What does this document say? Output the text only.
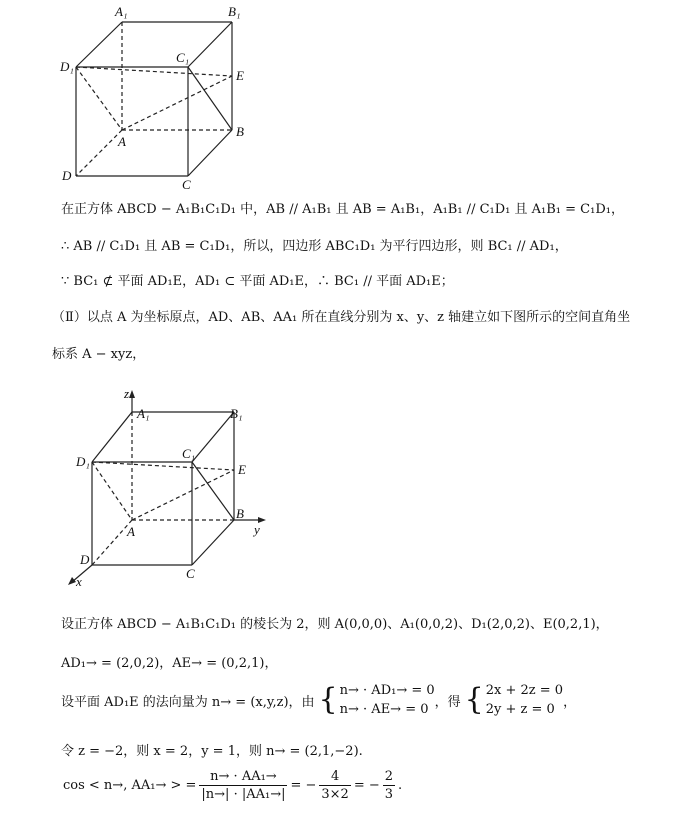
A₁	B₁
C₁
D₁
E
A
B
C
D
在正方体 ABCD − A₁B₁C₁D₁ 中，AB // A₁B₁ 且 AB = A₁B₁，A₁B₁ // C₁D₁ 且 A₁B₁ = C₁D₁，
∴ AB // C₁D₁ 且 AB = C₁D₁，所以，四边形 ABC₁D₁ 为平行四边形，则 BC₁ // AD₁，
∵ BC₁ ⊄ 平面 AD₁E，AD₁ ⊂ 平面 AD₁E，∴ BC₁ // 平面 AD₁E；
（Ⅱ）以点 A 为坐标原点，AD、AB、AA₁ 所在直线分别为 x、y、z 轴建立如下图所示的空间直角坐
标系 A − xyz，
z
A₁	B₁
C₁
D₁
E
A
B
y
C
D
x
设正方体 ABCD − A₁B₁C₁D₁ 的棱长为 2，则 A(0,0,0)、A₁(0,0,2)、D₁(2,0,2)、E(0,2,1)，
AD₁→ = (2,0,2)，AE→ = (0,2,1)，
设平面 AD₁E 的法向量为 n→ = (x,y,z)，由 { n→ · AD₁→ = 0
n→ · AE→ = 0 ，得 { 2x + 2z = 0
2y + z = 0 ，
令 z = −2，则 x = 2，y = 1，则 n→ = (2,1,−2).
cos < n→, AA₁→ > = $\frac{\text{n→ · AA₁→}}{\text{|n→| · |AA₁→|}}$ = − $\frac{4}{3\times 2}$ = − $\frac{2}{3}$ .
